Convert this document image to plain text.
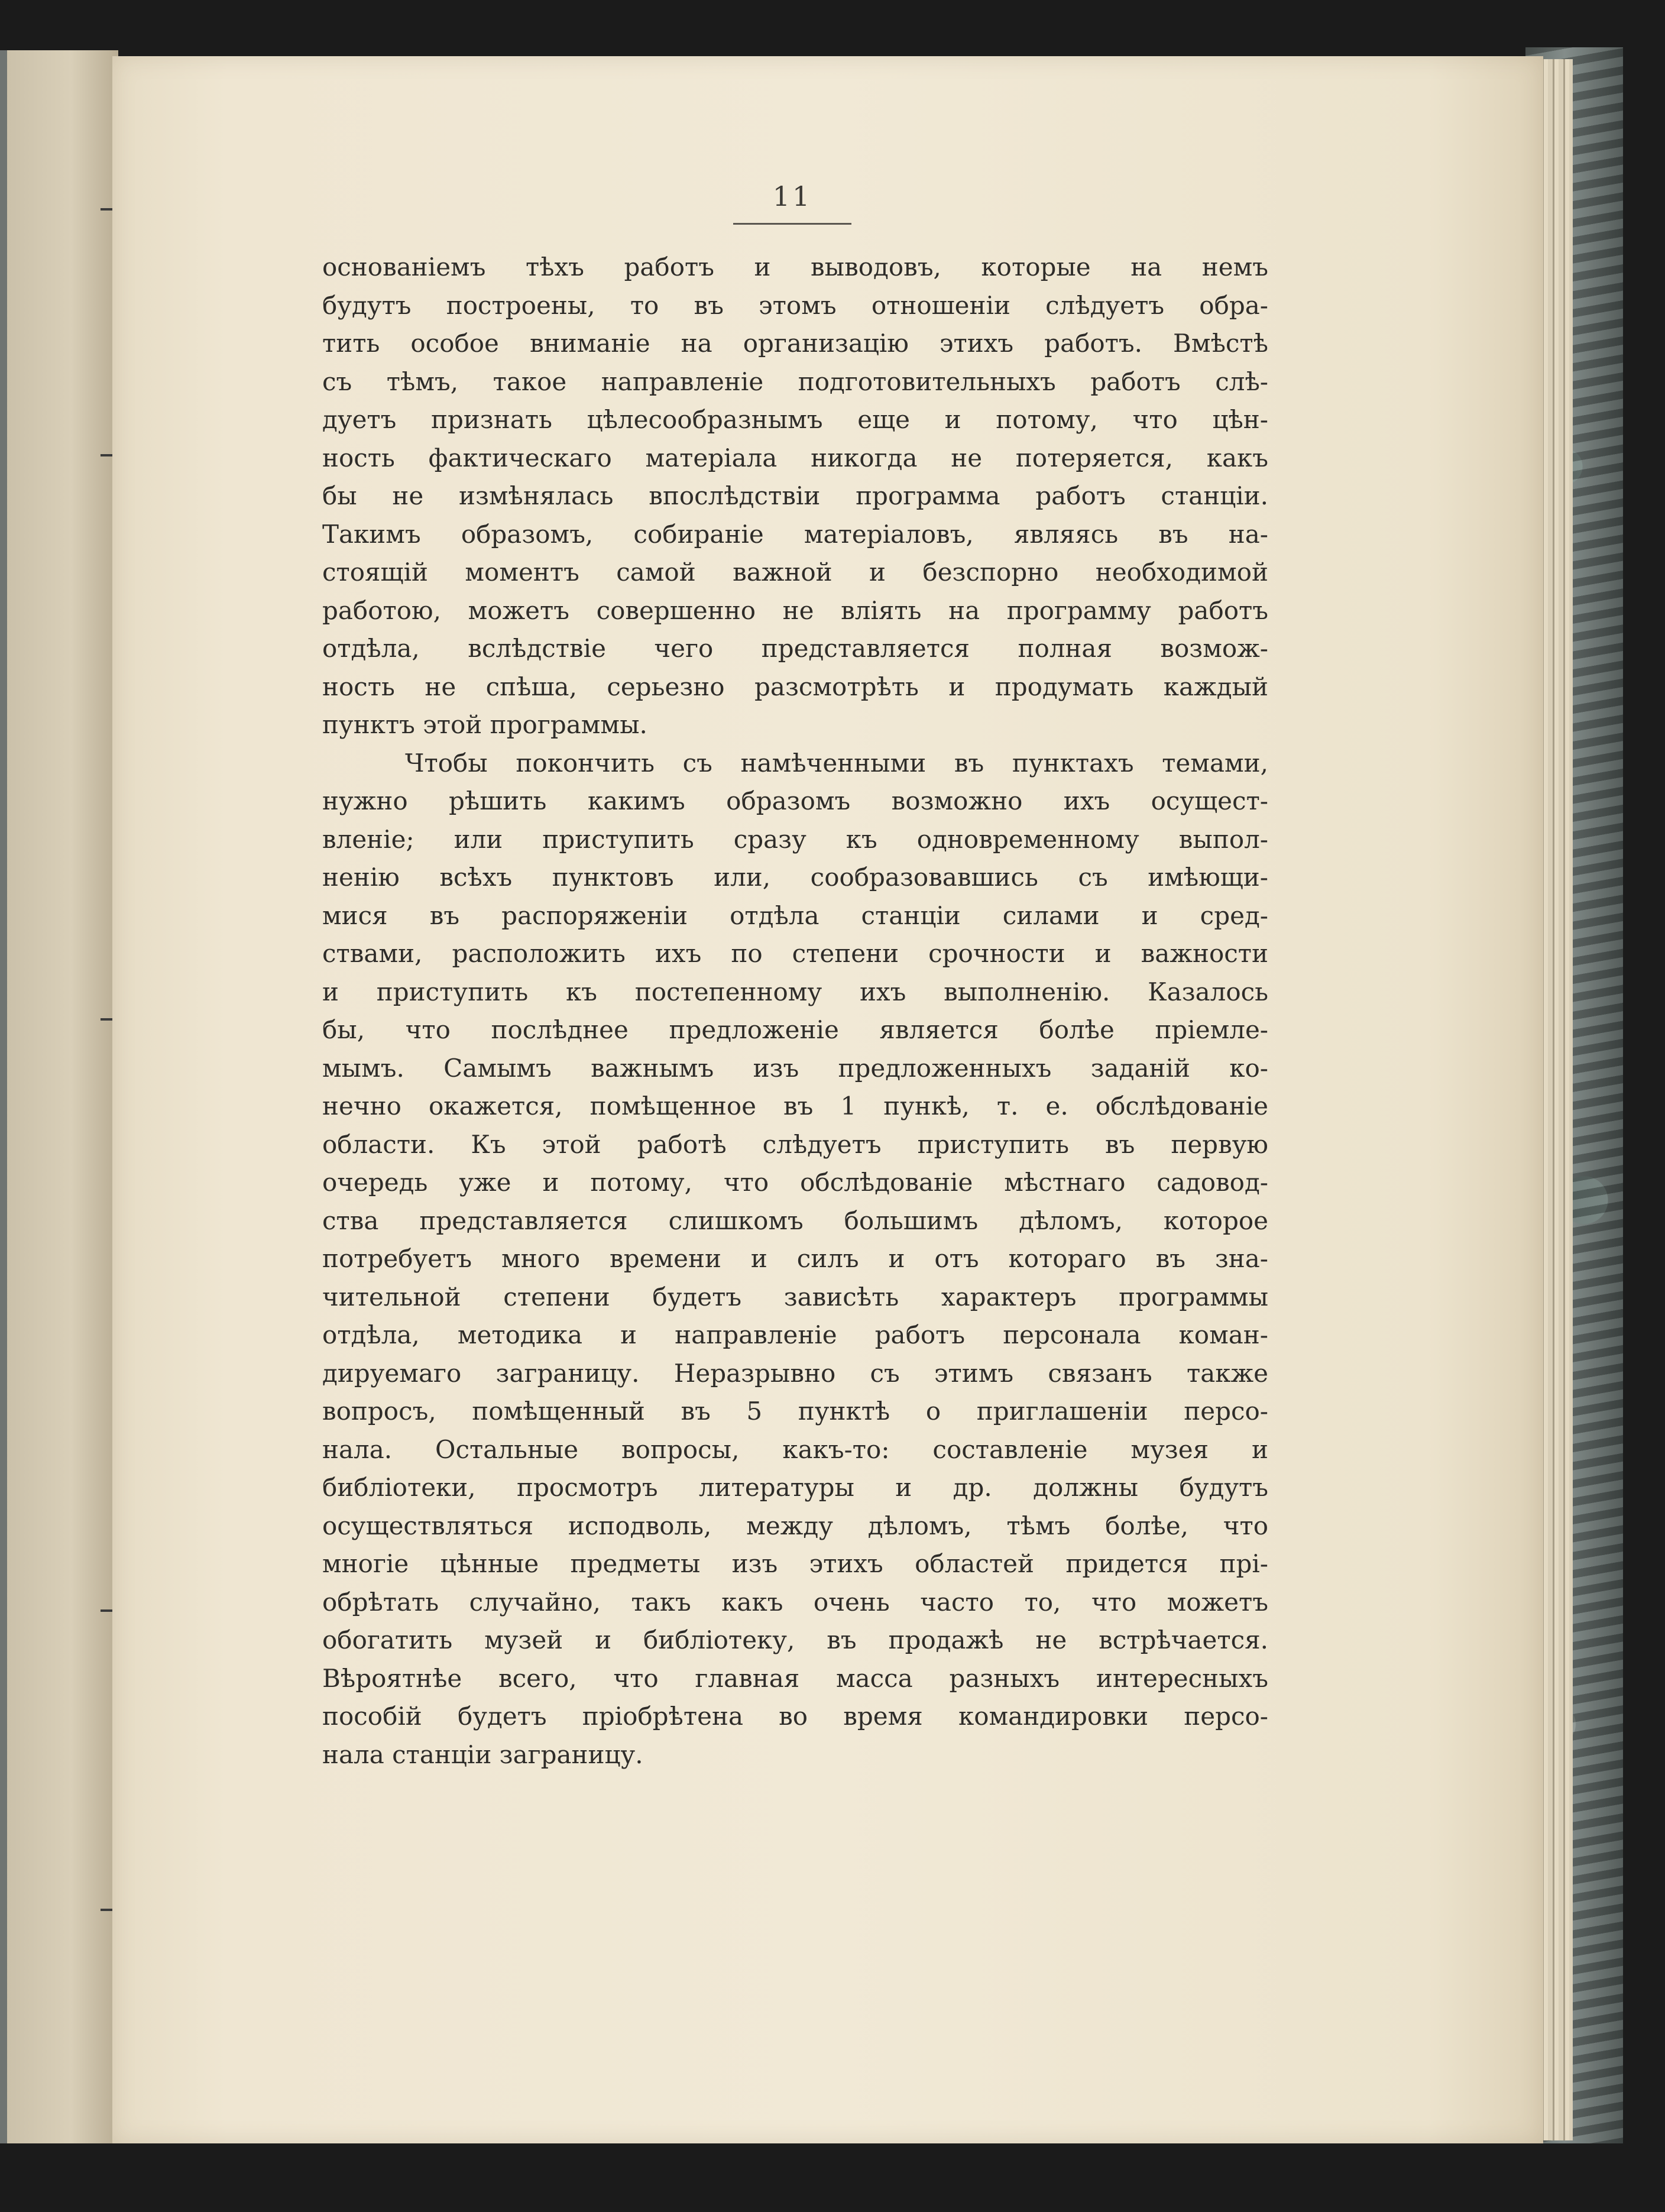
11
основаніемъ тѣхъ работъ и выводовъ, которые на немъ
будутъ построены, то въ этомъ отношеніи слѣдуетъ обра-
тить особое вниманіе на организацію этихъ работъ. Вмѣстѣ
съ тѣмъ, такое направленіе подготовительныхъ работъ слѣ-
дуетъ признать цѣлесообразнымъ еще и потому, что цѣн-
ность фактическаго матеріала никогда не потеряется, какъ
бы не измѣнялась впослѣдствіи программа работъ станціи.
Такимъ образомъ, собираніе матеріаловъ, являясь въ на-
стоящій моментъ самой важной и безспорно необходимой
работою, можетъ совершенно не вліять на программу работъ
отдѣла, вслѣдствіе чего представляется полная возмож-
ность не спѣша, серьезно разсмотрѣть и продумать каждый
пунктъ этой программы.
Чтобы покончить съ намѣченными въ пунктахъ темами,
нужно рѣшить какимъ образомъ возможно ихъ осущест-
вленіе; или приступить сразу къ одновременному выпол-
ненію всѣхъ пунктовъ или, сообразовавшись съ имѣющи-
мися въ распоряженіи отдѣла станціи силами и сред-
ствами, расположить ихъ по степени срочности и важности
и приступить къ постепенному ихъ выполненію. Казалось
бы, что послѣднее предложеніе является болѣе пріемле-
мымъ. Самымъ важнымъ изъ предложенныхъ заданій ко-
нечно окажется, помѣщенное въ 1 пункѣ, т. е. обслѣдованіе
области. Къ этой работѣ слѣдуетъ приступить въ первую
очередь уже и потому, что обслѣдованіе мѣстнаго садовод-
ства представляется слишкомъ большимъ дѣломъ, которое
потребуетъ много времени и силъ и отъ котораго въ зна-
чительной степени будетъ зависѣть характеръ программы
отдѣла, методика и направленіе работъ персонала коман-
дируемаго заграницу. Неразрывно съ этимъ связанъ также
вопросъ, помѣщенный въ 5 пунктѣ о приглашеніи персо-
нала. Остальные вопросы, какъ-то: составленіе музея и
библіотеки, просмотръ литературы и др. должны будутъ
осуществляться исподволь, между дѣломъ, тѣмъ болѣе, что
многіе цѣнные предметы изъ этихъ областей придется прі-
обрѣтать случайно, такъ какъ очень часто то, что можетъ
обогатить музей и библіотеку, въ продажѣ не встрѣчается.
Вѣроятнѣе всего, что главная масса разныхъ интересныхъ
пособій будетъ пріобрѣтена во время командировки персо-
нала станціи заграницу.
